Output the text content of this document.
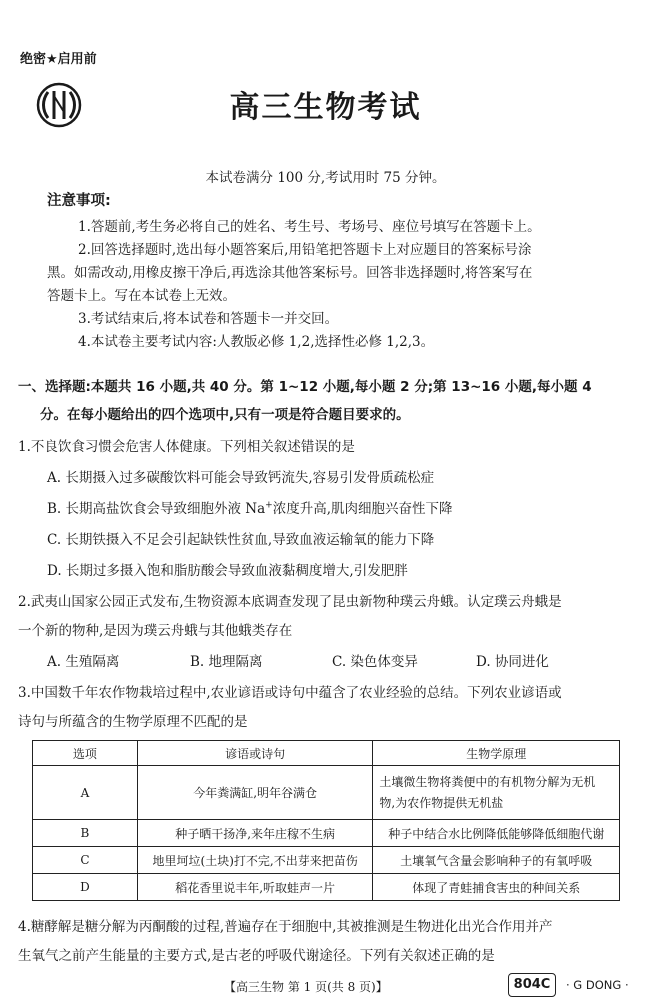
绝密★启用前
高三生物考试
本试卷满分 100 分,考试用时 75 分钟。
注意事项:
1.答题前,考生务必将自己的姓名、考生号、考场号、座位号填写在答题卡上。
2.回答选择题时,选出每小题答案后,用铅笔把答题卡上对应题目的答案标号涂
黑。如需改动,用橡皮擦干净后,再选涂其他答案标号。回答非选择题时,将答案写在
答题卡上。写在本试卷上无效。
3.考试结束后,将本试卷和答题卡一并交回。
4.本试卷主要考试内容:人教版必修 1,2,选择性必修 1,2,3。
一、选择题:本题共 16 小题,共 40 分。第 1~12 小题,每小题 2 分;第 13~16 小题,每小题 4
分。在每小题给出的四个选项中,只有一项是符合题目要求的。
1.不良饮食习惯会危害人体健康。下列相关叙述错误的是
A. 长期摄入过多碳酸饮料可能会导致钙流失,容易引发骨质疏松症
B. 长期高盐饮食会导致细胞外液 Na+浓度升高,肌肉细胞兴奋性下降
C. 长期铁摄入不足会引起缺铁性贫血,导致血液运输氧的能力下降
D. 长期过多摄入饱和脂肪酸会导致血液黏稠度增大,引发肥胖
2.武夷山国家公园正式发布,生物资源本底调查发现了昆虫新物种璞云舟蛾。认定璞云舟蛾是
一个新的物种,是因为璞云舟蛾与其他蛾类存在
A. 生殖隔离	B. 地理隔离	C. 染色体变异	D. 协同进化
3.中国数千年农作物栽培过程中,农业谚语或诗句中蕴含了农业经验的总结。下列农业谚语或
诗句与所蕴含的生物学原理不匹配的是
选项	谚语或诗句	生物学原理
A	今年粪满缸,明年谷满仓	土壤微生物将粪便中的有机物分解为无机
物,为农作物提供无机盐

B	种子晒干扬净,来年庄稼不生病	种子中结合水比例降低能够降低细胞代谢
C	地里坷垃(土块)打不完,不出芽来把苗伤	土壤氧气含量会影响种子的有氧呼吸
D	稻花香里说丰年,听取蛙声一片	体现了青蛙捕食害虫的种间关系
4.糖酵解是糖分解为丙酮酸的过程,普遍存在于细胞中,其被推测是生物进化出光合作用并产
生氧气之前产生能量的主要方式,是古老的呼吸代谢途径。下列有关叙述正确的是
【高三生物 第 1 页(共 8 页)】	804C	· G DONG ·
